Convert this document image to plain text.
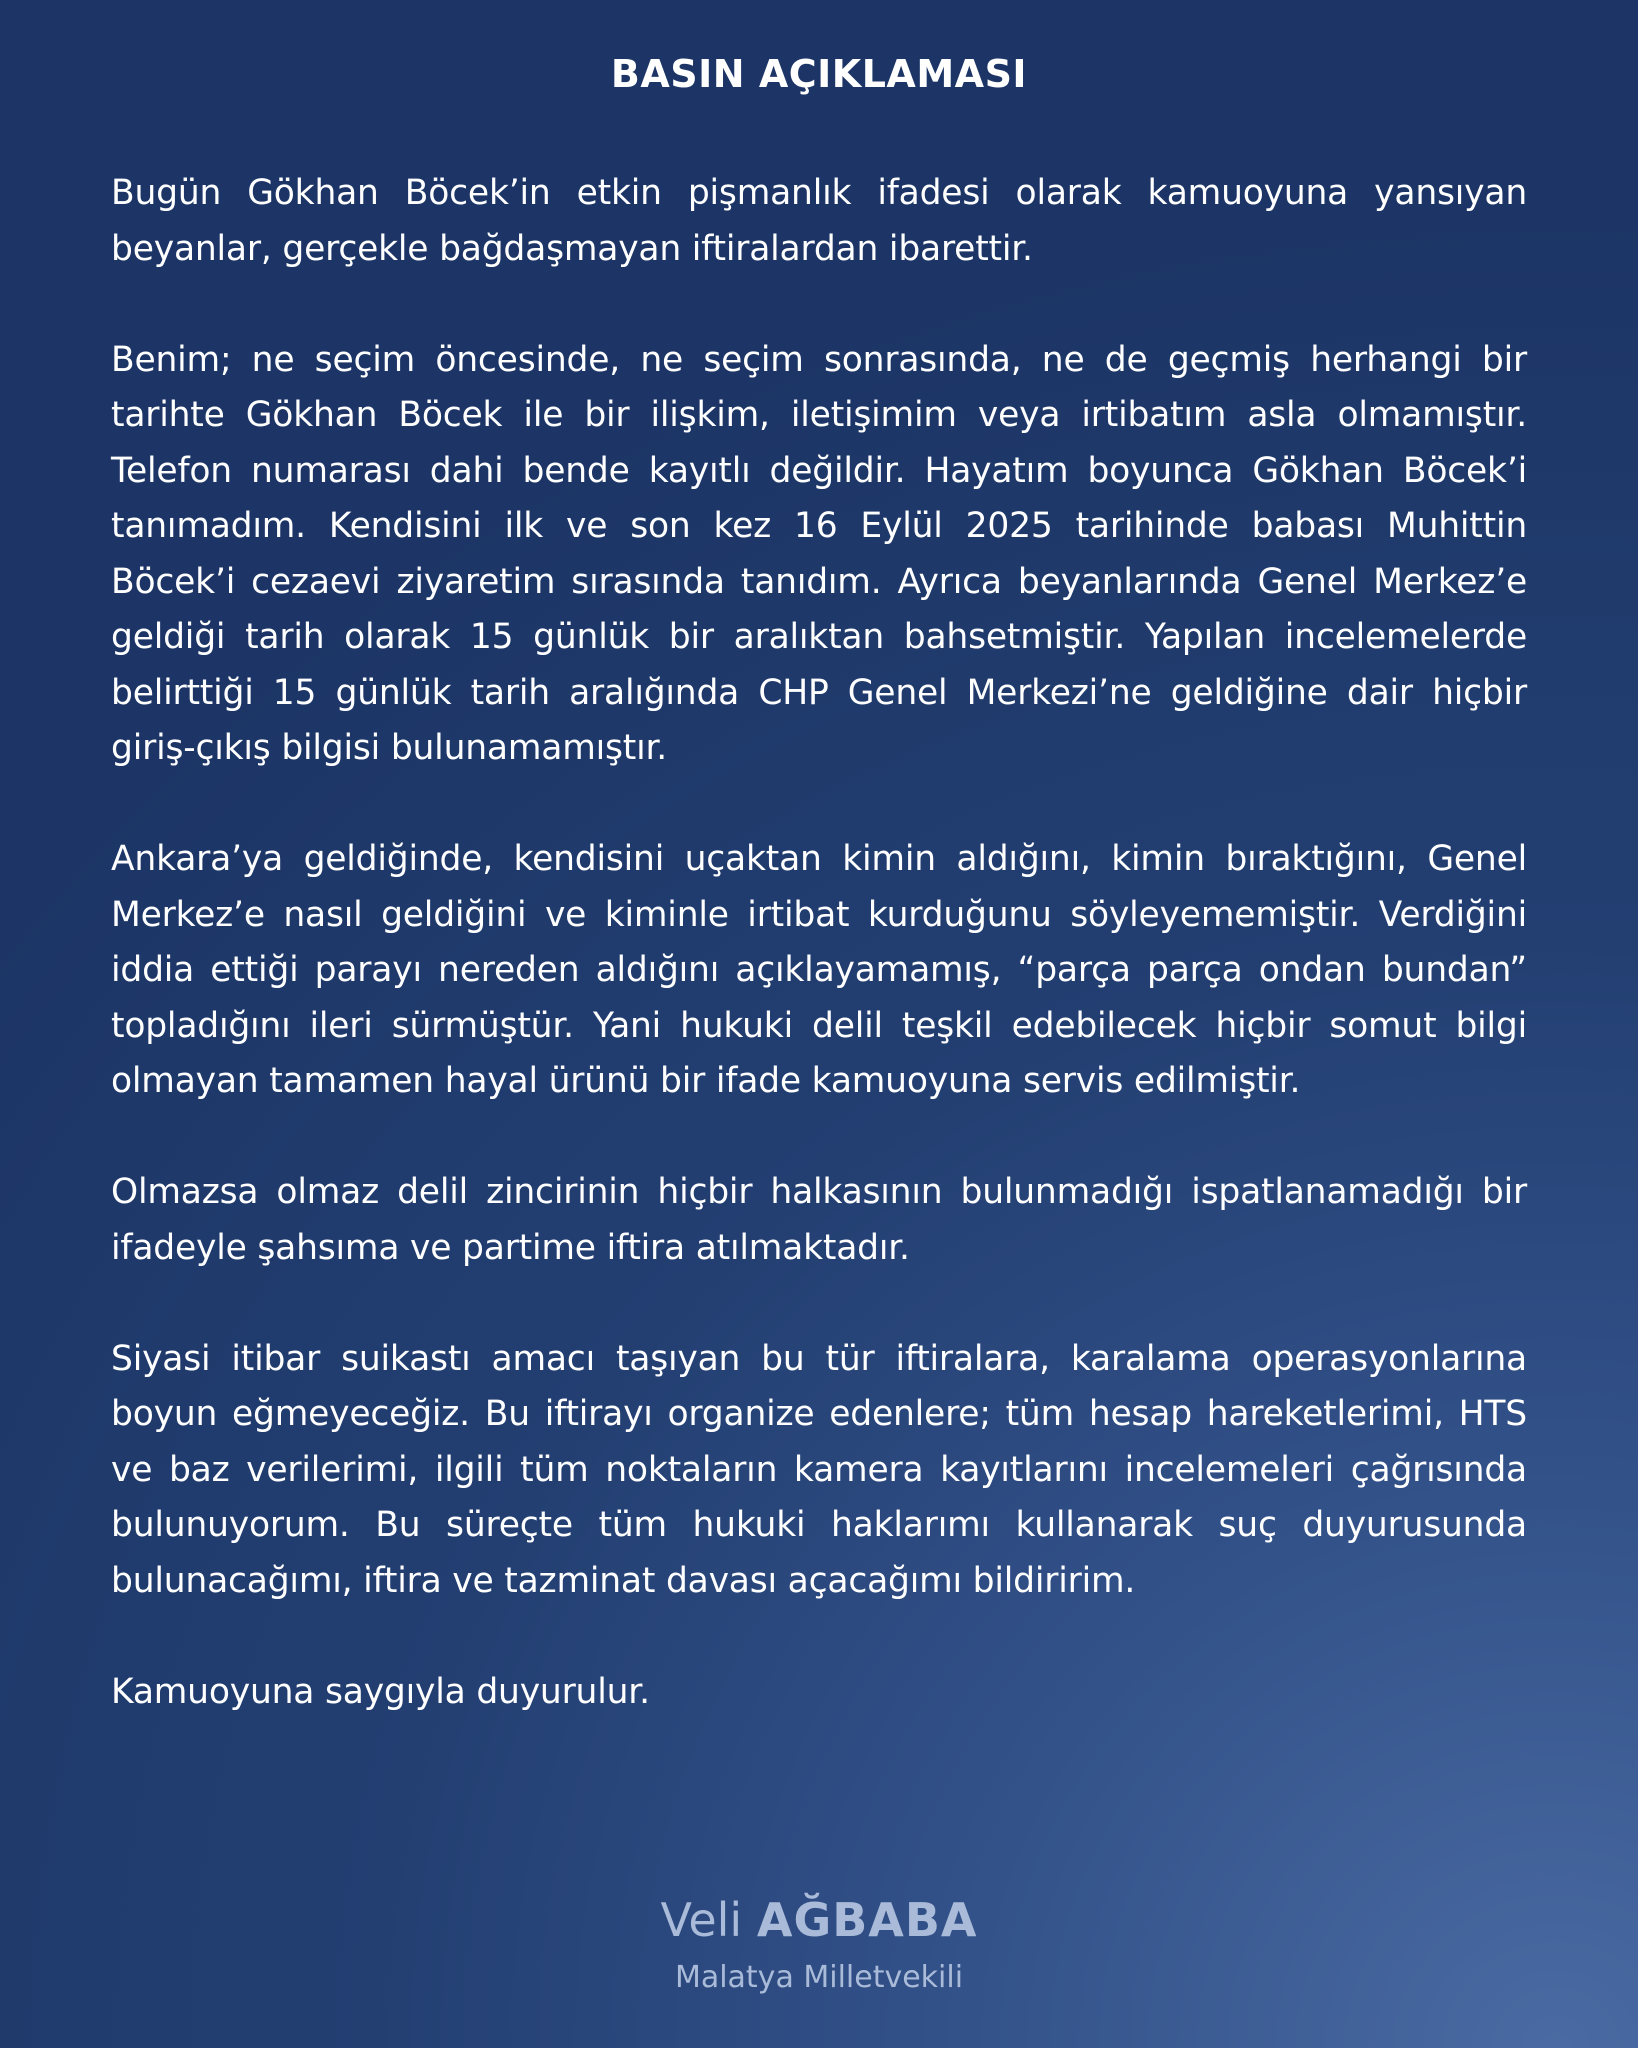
BASIN AÇIKLAMASI

Bugün Gökhan Böcek’in etkin pişmanlık ifadesi olarak kamuoyuna yansıyan beyanlar, gerçekle bağdaşmayan iftiralardan ibarettir.

Benim; ne seçim öncesinde, ne seçim sonrasında, ne de geçmiş herhangi bir tarihte Gökhan Böcek ile bir ilişkim, iletişimim veya irtibatım asla olmamıştır. Telefon numarası dahi bende kayıtlı değildir. Hayatım boyunca Gökhan Böcek’i tanımadım. Kendisini ilk ve son kez 16 Eylül 2025 tarihinde babası Muhittin Böcek’i cezaevi ziyaretim sırasında tanıdım. Ayrıca beyanlarında Genel Merkez’e geldiği tarih olarak 15 günlük bir aralıktan bahsetmiştir. Yapılan incelemelerde belirttiği 15 günlük tarih aralığında CHP Genel Merkezi’ne geldiğine dair hiçbir giriş-çıkış bilgisi bulunamamıştır.

Ankara’ya geldiğinde, kendisini uçaktan kimin aldığını, kimin bıraktığını, Genel Merkez’e nasıl geldiğini ve kiminle irtibat kurduğunu söyleyememiştir. Verdiğini iddia ettiği parayı nereden aldığını açıklayamamış, “parça parça ondan bundan” topladığını ileri sürmüştür. Yani hukuki delil teşkil edebilecek hiçbir somut bilgi olmayan tamamen hayal ürünü bir ifade kamuoyuna servis edilmiştir.

Olmazsa olmaz delil zincirinin hiçbir halkasının bulunmadığı ispatlanamadığı bir ifadeyle şahsıma ve partime iftira atılmaktadır.

Siyasi itibar suikastı amacı taşıyan bu tür iftiralara, karalama operasyonlarına boyun eğmeyeceğiz. Bu iftirayı organize edenlere; tüm hesap hareketlerimi, HTS ve baz verilerimi, ilgili tüm noktaların kamera kayıtlarını incelemeleri çağrısında bulunuyorum. Bu süreçte tüm hukuki haklarımı kullanarak suç duyurusunda bulunacağımı, iftira ve tazminat davası açacağımı bildiririm.

Kamuoyuna saygıyla duyurulur.

Veli AĞBABA

Malatya Milletvekili
